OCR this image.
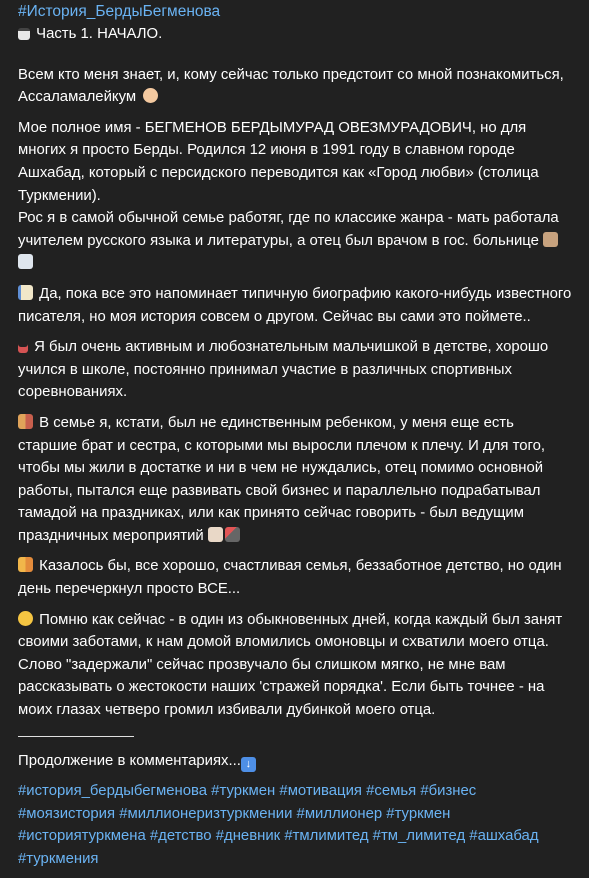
#История_БердыБегменова
Часть 1. НАЧАЛО.
Всем кто меня знает, и, кому сейчас только предстоит со мной познакомиться, Ассаламалейкум
Мое полное имя - БЕГМЕНОВ БЕРДЫМУРАД ОВЕЗМУРАДОВИЧ, но для многих я просто Берды. Родился 12 июня в 1991 году в славном городе Ашхабад, который с персидского переводится как «Город любви» (столица Туркмении).
Рос я в самой обычной семье работяг, где по классике жанра - мать работала учителем русского языка и литературы, а отец был врачом в гос. больнице
Да, пока все это напоминает типичную биографию какого-нибудь известного писателя, но моя история совсем о другом. Сейчас вы сами это поймете..
Я был очень активным и любознательным мальчишкой в детстве, хорошо учился в школе, постоянно принимал участие в различных спортивных соревнованиях.
В семье я, кстати, был не единственным ребенком, у меня еще есть старшие брат и сестра, с которыми мы выросли плечом к плечу. И для того, чтобы мы жили в достатке и ни в чем не нуждались, отец помимо основной работы, пытался еще развивать свой бизнес и параллельно подрабатывал тамадой на праздниках, или как принято сейчас говорить - был ведущим праздничных мероприятий
Казалось бы, все хорошо, счастливая семья, беззаботное детство, но один день перечеркнул просто ВСЕ...
Помню как сейчас - в один из обыкновенных дней, когда каждый был занят своими заботами, к нам домой вломились омоновцы и схватили моего отца. Слово "задержали" сейчас прозвучало бы слишком мягко, не мне вам рассказывать о жестокости наших 'стражей порядка'. Если быть точнее - на моих глазах четверо громил избивали дубинкой моего отца.
Продолжение в комментариях... ↓
#история_бердыбегменова #туркмен #мотивация #семья #бизнес #моязистория #миллионеризтуркмении #миллионер #туркмен #историятуркмена #детство #дневник #тмлимитед #тм_лимитед #ашхабад #туркмения
